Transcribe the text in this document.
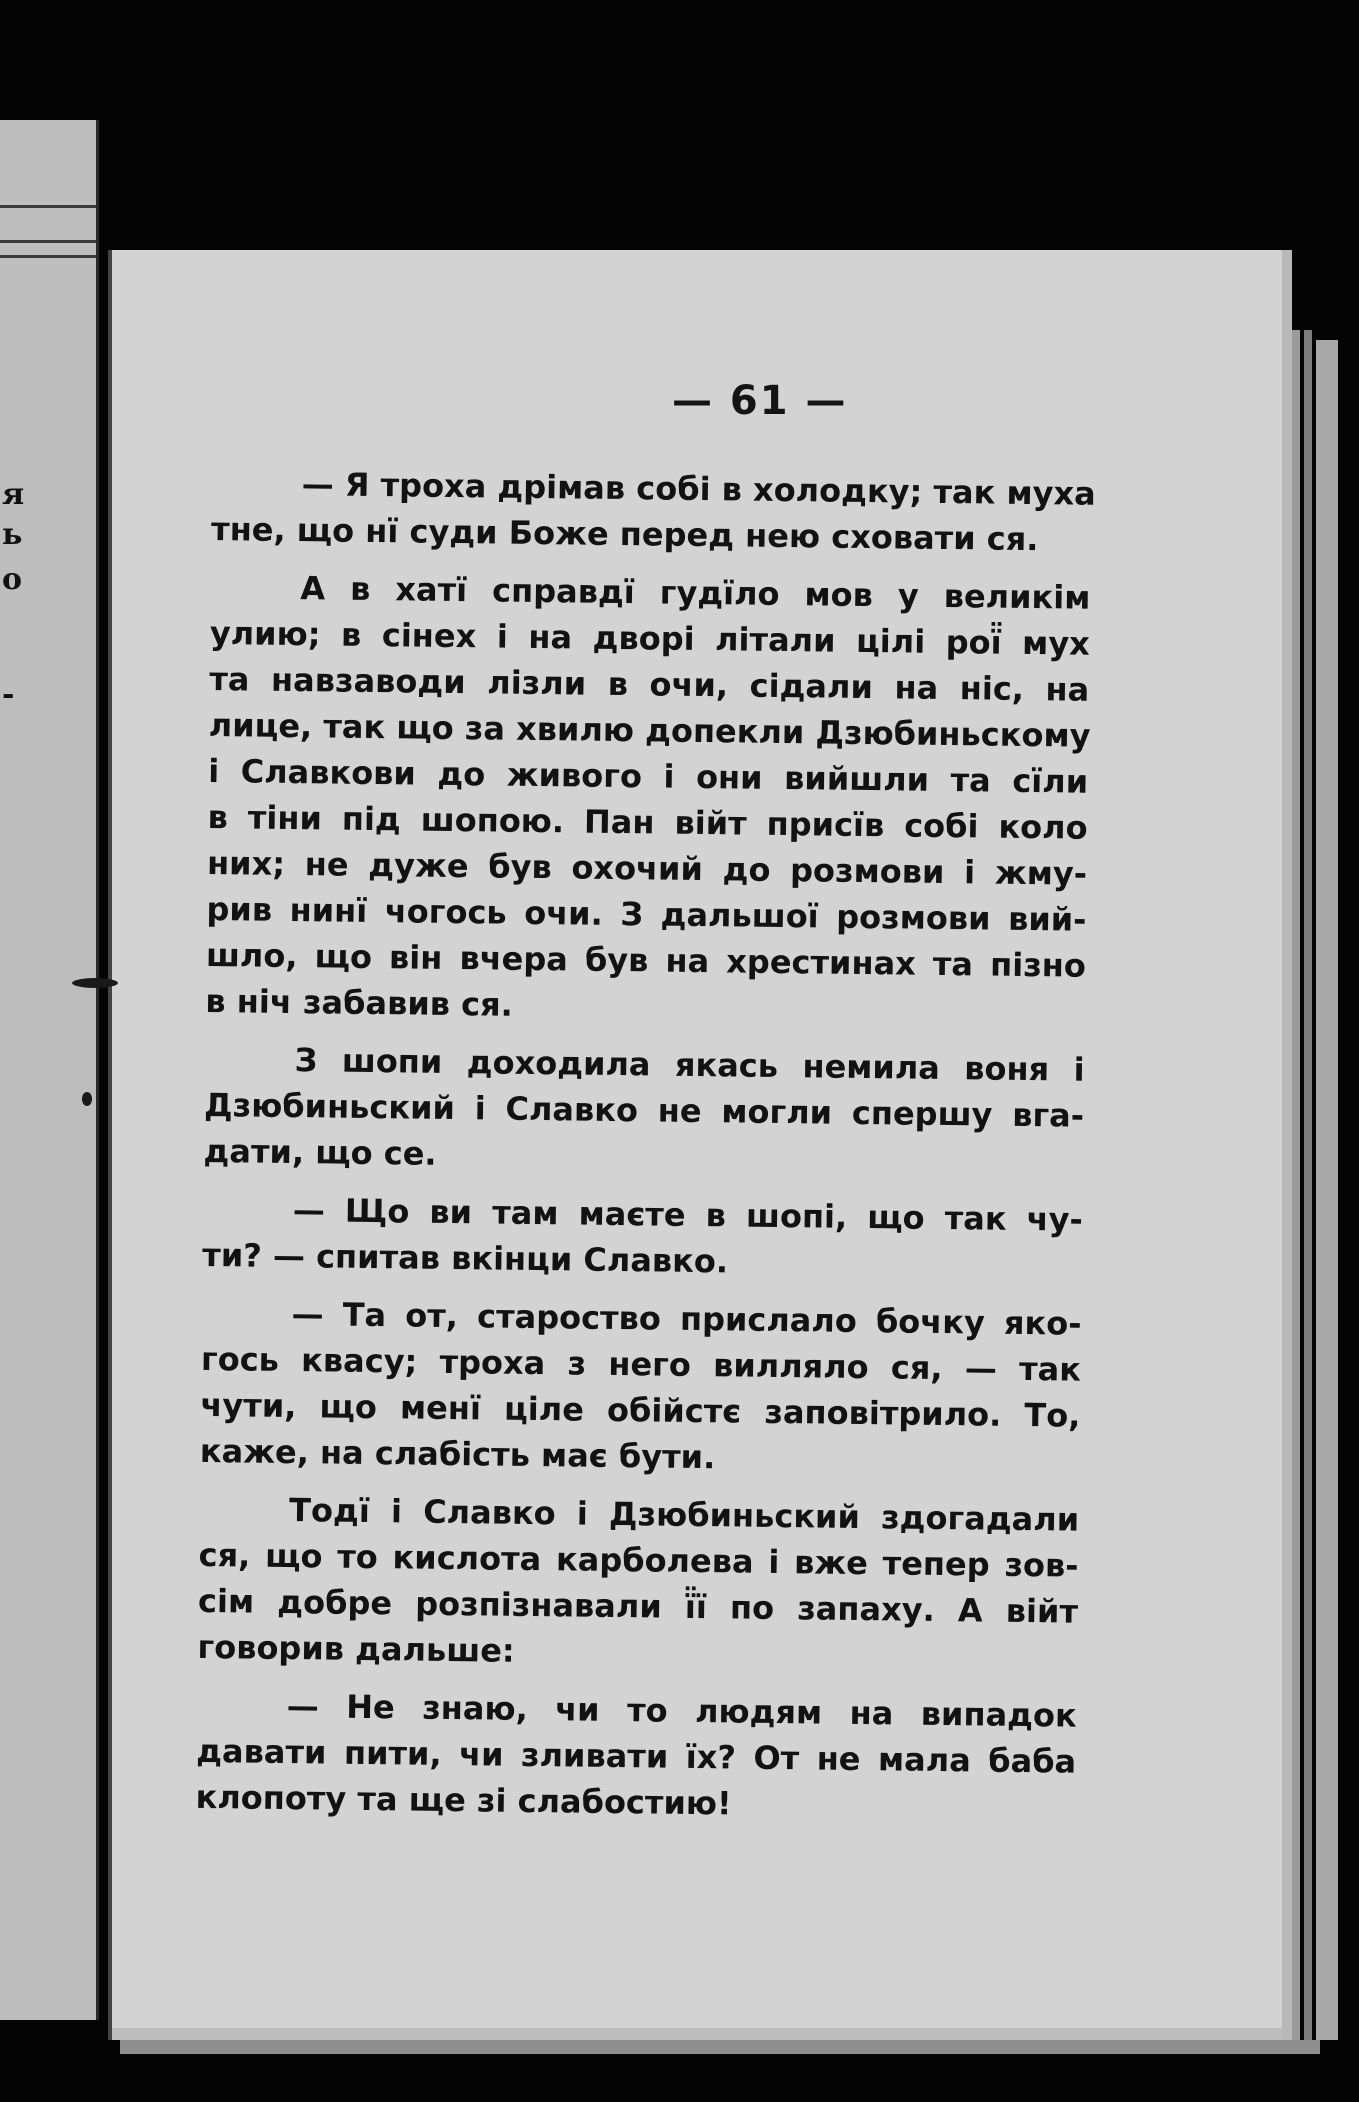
я
ь
о
-
— 61 —
— Я троха дрімав собі в холодку; так муха
тне, що нї суди Боже перед нею сховати ся.
А в хатї справдї гудїло мов у великім
улию; в сінех і на дворі літали цілі рої̈ мух
та навзаводи лізли в очи, сідали на ніс, на
лице, так що за хвилю допекли Дзюбиньскому
і Славкови до живого і они вийшли та сїли
в тіни під шопою. Пан війт присїв собі коло
них; не дуже був охочий до розмови і жму-
рив нинї чогось очи. З дальшої розмови вий-
шло, що він вчера був на хрестинах та пізно
в ніч забавив ся.
З шопи доходила якась немила воня і
Дзюбиньский і Славко не могли спершу вга-
дати, що се.
— Що ви там маєте в шопі, що так чу-
ти? — спитав вкінци Славко.
— Та от, староство прислало бочку яко-
гось квасу; троха з него вилляло ся, — так
чути, що менї ціле обійстє заповітрило. То,
каже, на слабість має бути.
Тодї і Славко і Дзюбиньский здогадали
ся, що то кислота карболева і вже тепер зов-
сім добре розпізнавали ї̈ї по запаху. А війт
говорив дальше:
— Не знаю, чи то людям на випадок
давати пити, чи зливати їх? От не мала баба
клопоту та ще зі слабостию!
